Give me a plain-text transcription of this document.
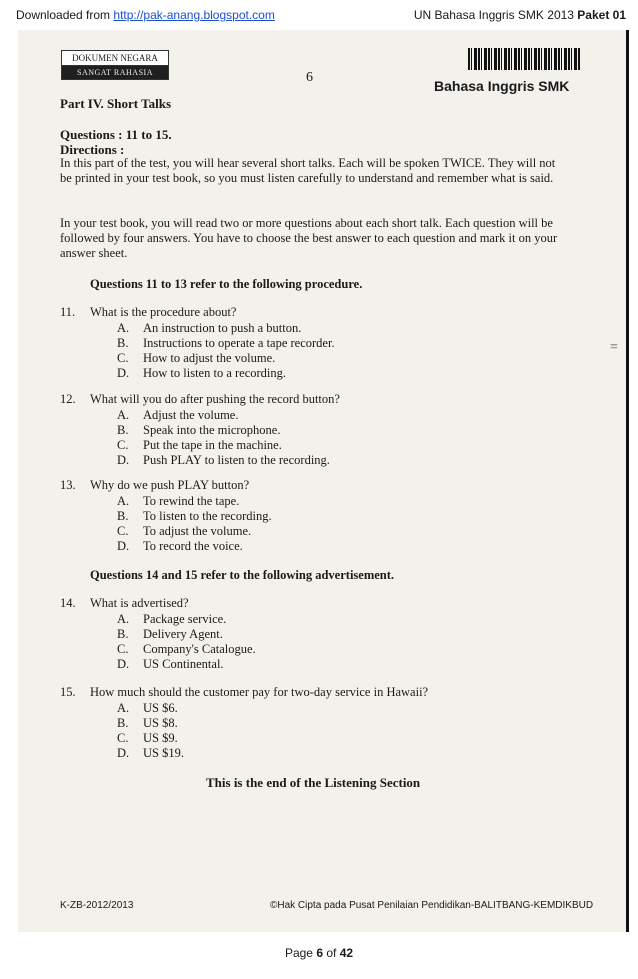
Downloaded from http://pak-anang.blogspot.com	UN Bahasa Inggris SMK 2013 Paket 01
DOKUMEN NEGARA
SANGAT RAHASIA	6
Bahasa Inggris SMK
Part IV. Short Talks
Questions : 11 to 15.
Directions :
In this part of the test, you will hear several short talks. Each will be spoken TWICE. They will not be printed in your test book, so you must listen carefully to understand and remember what is said.
In your test book, you will read two or more questions about each short talk. Each question will be followed by four answers. You have to choose the best answer to each question and mark it on your answer sheet.
Questions 11 to 13 refer to the following procedure.
11. What is the procedure about?
A. An instruction to push a button.
B. Instructions to operate a tape recorder.
C. How to adjust the volume.
D. How to listen to a recording.
12. What will you do after pushing the record button?
A. Adjust the volume.
B. Speak into the microphone.
C. Put the tape in the machine.
D. Push PLAY to listen to the recording.
13. Why do we push PLAY button?
A. To rewind the tape.
B. To listen to the recording.
C. To adjust the volume.
D. To record the voice.
Questions 14 and 15 refer to the following advertisement.
14. What is advertised?
A. Package service.
B. Delivery Agent.
C. Company's Catalogue.
D. US Continental.
15. How much should the customer pay for two-day service in Hawaii?
A. US $6.
B. US $8.
C. US $9.
D. US $19.
This is the end of the Listening Section
=
K-ZB-2012/2013	©Hak Cipta pada Pusat Penilaian Pendidikan-BALITBANG-KEMDIKBUD
Page 6 of 42
